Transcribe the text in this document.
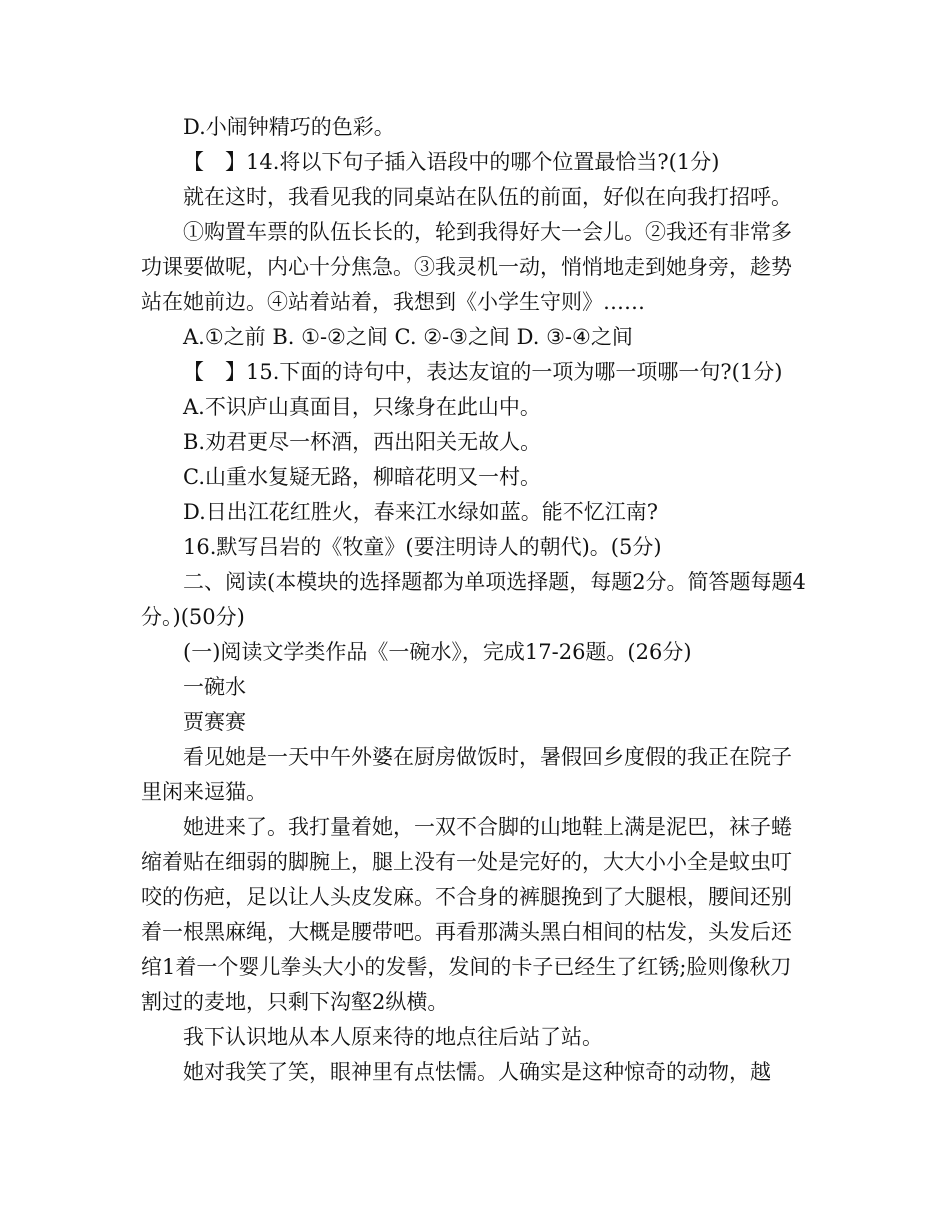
D.小闹钟精巧的色彩。

【　】14.将以下句子插入语段中的哪个位置最恰当?(1分)

就在这时，我看见我的同桌站在队伍的前面，好似在向我打招呼。

①购置车票的队伍长长的，轮到我得好大一会儿。②我还有非常多功课要做呢，内心十分焦急。③我灵机一动，悄悄地走到她身旁，趁势站在她前边。④站着站着，我想到《小学生守则》……

A.①之前 B. ①-②之间 C. ②-③之间 D. ③-④之间

【　】15.下面的诗句中，表达友谊的一项为哪一项哪一句?(1分)

A.不识庐山真面目，只缘身在此山中。

B.劝君更尽一杯酒，西出阳关无故人。

C.山重水复疑无路，柳暗花明又一村。

D.日出江花红胜火，春来江水绿如蓝。能不忆江南?

16.默写吕岩的《牧童》(要注明诗人的朝代)。(5分)

二、阅读(本模块的选择题都为单项选择题，每题2分。简答题每题4分。)(50分)

(一)阅读文学类作品《一碗水》，完成17-26题。(26分)

一碗水

贾赛赛

看见她是一天中午外婆在厨房做饭时，暑假回乡度假的我正在院子里闲来逗猫。

她进来了。我打量着她，一双不合脚的山地鞋上满是泥巴，袜子蜷缩着贴在细弱的脚腕上，腿上没有一处是完好的，大大小小全是蚊虫叮咬的伤疤，足以让人头皮发麻。不合身的裤腿挽到了大腿根，腰间还别着一根黑麻绳，大概是腰带吧。再看那满头黑白相间的枯发，头发后还绾1着一个婴儿拳头大小的发髻，发间的卡子已经生了红锈;脸则像秋刀割过的麦地，只剩下沟壑2纵横。

我下认识地从本人原来待的地点往后站了站。

她对我笑了笑，眼神里有点怯懦。人确实是这种惊奇的动物，越
